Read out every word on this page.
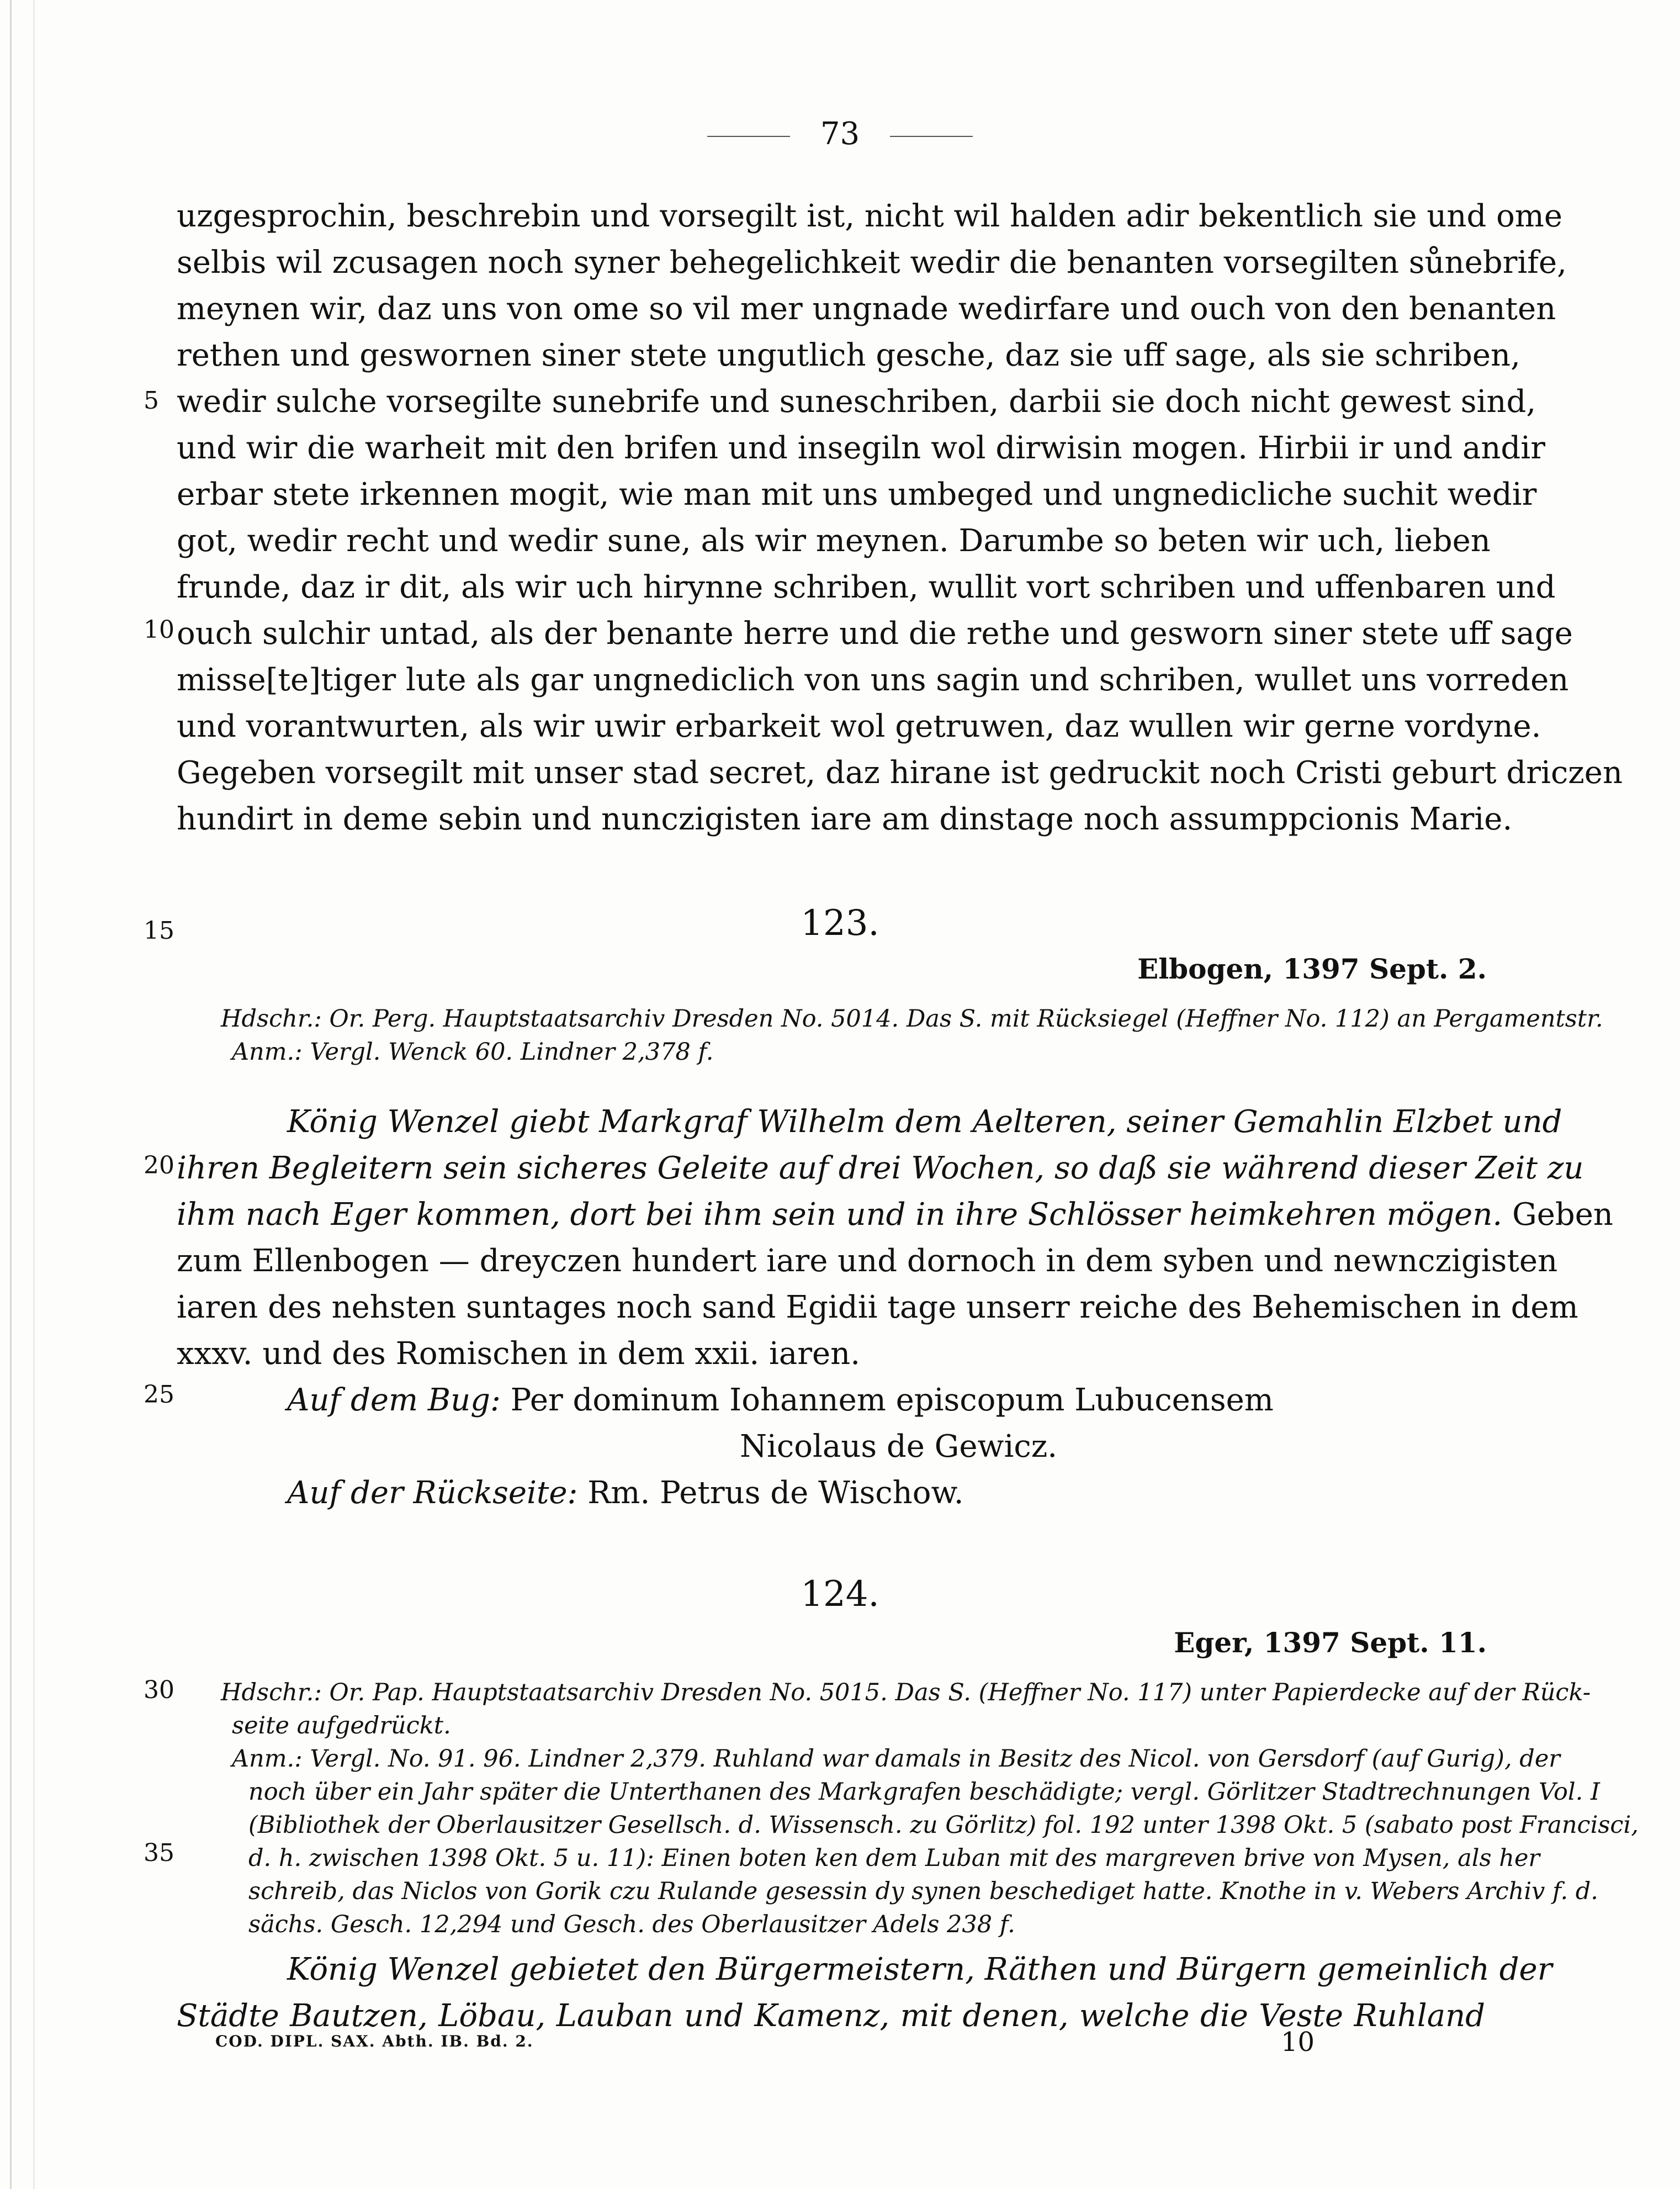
73
5
10
15
20
25
30
35
uzgesprochin, beschrebin und vorsegilt ist, nicht wil halden adir bekentlich sie und ome
selbis wil zcusagen noch syner behegelichkeit wedir die benanten vorsegilten sůnebrife,
meynen wir, daz uns von ome so vil mer ungnade wedirfare und ouch von den benanten
rethen und geswornen siner stete ungutlich gesche, daz sie uff sage, als sie schriben,
wedir sulche vorsegilte sunebrife und suneschriben, darbii sie doch nicht gewest sind,
und wir die warheit mit den brifen und insegiln wol dirwisin mogen. Hirbii ir und andir
erbar stete irkennen mogit, wie man mit uns umbeged und ungnedicliche suchit wedir
got, wedir recht und wedir sune, als wir meynen. Darumbe so beten wir uch, lieben
frunde, daz ir dit, als wir uch hirynne schriben, wullit vort schriben und uffenbaren und
ouch sulchir untad, als der benante herre und die rethe und gesworn siner stete uff sage
misse[te]tiger lute als gar ungnediclich von uns sagin und schriben, wullet uns vorreden
und vorantwurten, als wir uwir erbarkeit wol getruwen, daz wullen wir gerne vordyne.
Gegeben vorsegilt mit unser stad secret, daz hirane ist gedruckit noch Cristi geburt driczen
hundirt in deme sebin und nunczigisten iare am dinstage noch assumppcionis Marie.
123.
Elbogen, 1397 Sept. 2.
Hdschr.: Or. Perg. Hauptstaatsarchiv Dresden No. 5014. Das S. mit Rücksiegel (Heffner No. 112) an Pergamentstr.
Anm.: Vergl. Wenck 60. Lindner 2,378 f.
König Wenzel giebt Markgraf Wilhelm dem Aelteren, seiner Gemahlin Elzbet und
ihren Begleitern sein sicheres Geleite auf drei Wochen, so daß sie während dieser Zeit zu
ihm nach Eger kommen, dort bei ihm sein und in ihre Schlösser heimkehren mögen. Geben
zum Ellenbogen — dreyczen hundert iare und dornoch in dem syben und newnczigisten
iaren des nehsten suntages noch sand Egidii tage unserr reiche des Behemischen in dem
xxxv. und des Romischen in dem xxii. iaren.
Auf dem Bug: Per dominum Iohannem episcopum Lubucensem
Nicolaus de Gewicz.
Auf der Rückseite: Rm. Petrus de Wischow.
124.
Eger, 1397 Sept. 11.
Hdschr.: Or. Pap. Hauptstaatsarchiv Dresden No. 5015. Das S. (Heffner No. 117) unter Papierdecke auf der Rück-
seite aufgedrückt.
Anm.: Vergl. No. 91. 96. Lindner 2,379. Ruhland war damals in Besitz des Nicol. von Gersdorf (auf Gurig), der
noch über ein Jahr später die Unterthanen des Markgrafen beschädigte; vergl. Görlitzer Stadtrechnungen Vol. I
(Bibliothek der Oberlausitzer Gesellsch. d. Wissensch. zu Görlitz) fol. 192 unter 1398 Okt. 5 (sabato post Francisci,
d. h. zwischen 1398 Okt. 5 u. 11): Einen boten ken dem Luban mit des margreven brive von Mysen, als her
schreib, das Niclos von Gorik czu Rulande gesessin dy synen beschediget hatte. Knothe in v. Webers Archiv f. d.
sächs. Gesch. 12,294 und Gesch. des Oberlausitzer Adels 238 f.
König Wenzel gebietet den Bürgermeistern, Räthen und Bürgern gemeinlich der
Städte Bautzen, Löbau, Lauban und Kamenz, mit denen, welche die Veste Ruhland
COD. DIPL. SAX. Abth. IB. Bd. 2.	10
